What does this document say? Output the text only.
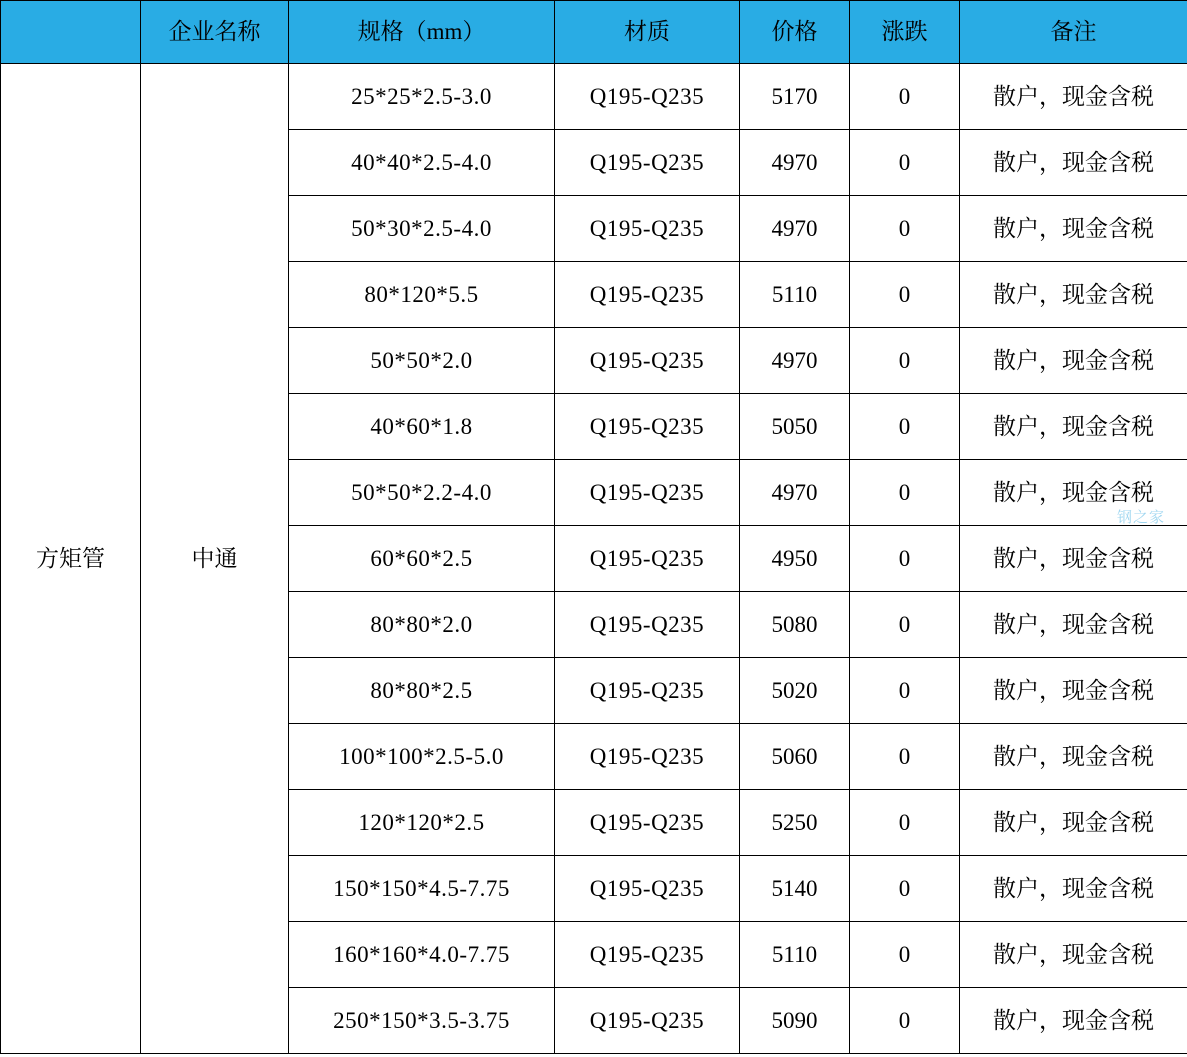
	企业名称	规格（mm）	材质	价格	涨跌	备注
方矩管	中通	25*25*2.5-3.0	Q195-Q235	5170	0	散户，现金含税
		40*40*2.5-4.0	Q195-Q235	4970	0	散户，现金含税
		50*30*2.5-4.0	Q195-Q235	4970	0	散户，现金含税
		80*120*5.5	Q195-Q235	5110	0	散户，现金含税
		50*50*2.0	Q195-Q235	4970	0	散户，现金含税
		40*60*1.8	Q195-Q235	5050	0	散户，现金含税
		50*50*2.2-4.0	Q195-Q235	4970	0	散户，现金含税
		60*60*2.5	Q195-Q235	4950	0	散户，现金含税
		80*80*2.0	Q195-Q235	5080	0	散户，现金含税
		80*80*2.5	Q195-Q235	5020	0	散户，现金含税
		100*100*2.5-5.0	Q195-Q235	5060	0	散户，现金含税
		120*120*2.5	Q195-Q235	5250	0	散户，现金含税
		150*150*4.5-7.75	Q195-Q235	5140	0	散户，现金含税
		160*160*4.0-7.75	Q195-Q235	5110	0	散户，现金含税
		250*150*3.5-3.75	Q195-Q235	5090	0	散户，现金含税
钢之家
